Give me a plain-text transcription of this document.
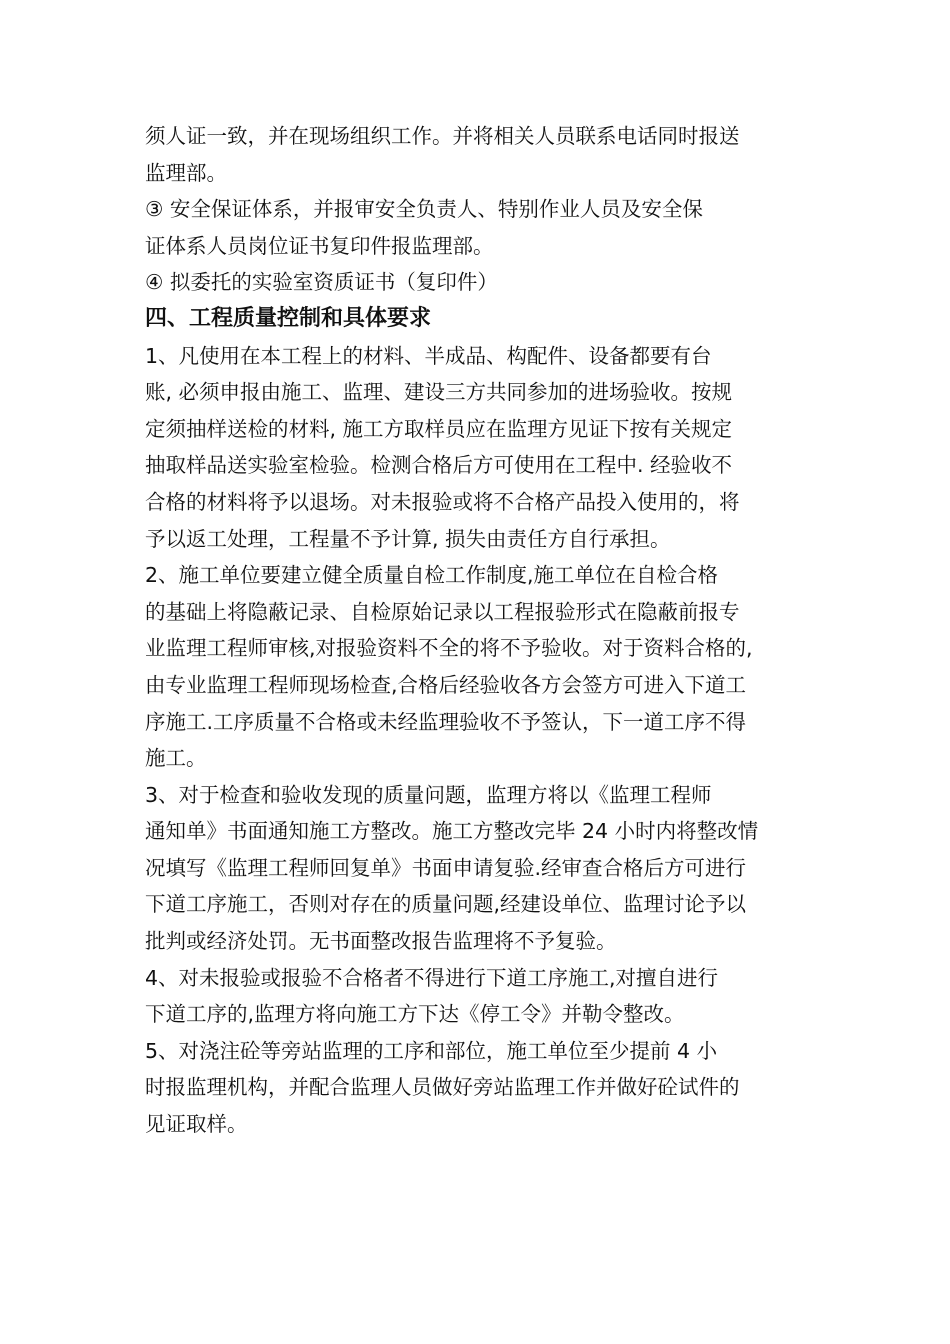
须人证一致，并在现场组织工作。并将相关人员联系电话同时报送
监理部。
③ 安全保证体系，并报审安全负责人、特别作业人员及安全保
证体系人员岗位证书复印件报监理部。
④ 拟委托的实验室资质证书（复印件）
四、工程质量控制和具体要求
1、凡使用在本工程上的材料、半成品、构配件、设备都要有台
账, 必须申报由施工、监理、建设三方共同参加的进场验收。按规
定须抽样送检的材料, 施工方取样员应在监理方见证下按有关规定
抽取样品送实验室检验。检测合格后方可使用在工程中. 经验收不
合格的材料将予以退场。对未报验或将不合格产品投入使用的，将
予以返工处理，工程量不予计算, 损失由责任方自行承担。
2、施工单位要建立健全质量自检工作制度,施工单位在自检合格
的基础上将隐蔽记录、自检原始记录以工程报验形式在隐蔽前报专
业监理工程师审核,对报验资料不全的将不予验收。对于资料合格的,
由专业监理工程师现场检查,合格后经验收各方会签方可进入下道工
序施工.工序质量不合格或未经监理验收不予签认，下一道工序不得
施工。
3、对于检查和验收发现的质量问题，监理方将以《监理工程师
通知单》书面通知施工方整改。施工方整改完毕 24 小时内将整改情
况填写《监理工程师回复单》书面申请复验.经审查合格后方可进行
下道工序施工，否则对存在的质量问题,经建设单位、监理讨论予以
批判或经济处罚。无书面整改报告监理将不予复验。
4、对未报验或报验不合格者不得进行下道工序施工,对擅自进行
下道工序的,监理方将向施工方下达《停工令》并勒令整改。
5、对浇注砼等旁站监理的工序和部位，施工单位至少提前 4 小
时报监理机构，并配合监理人员做好旁站监理工作并做好砼试件的
见证取样。
